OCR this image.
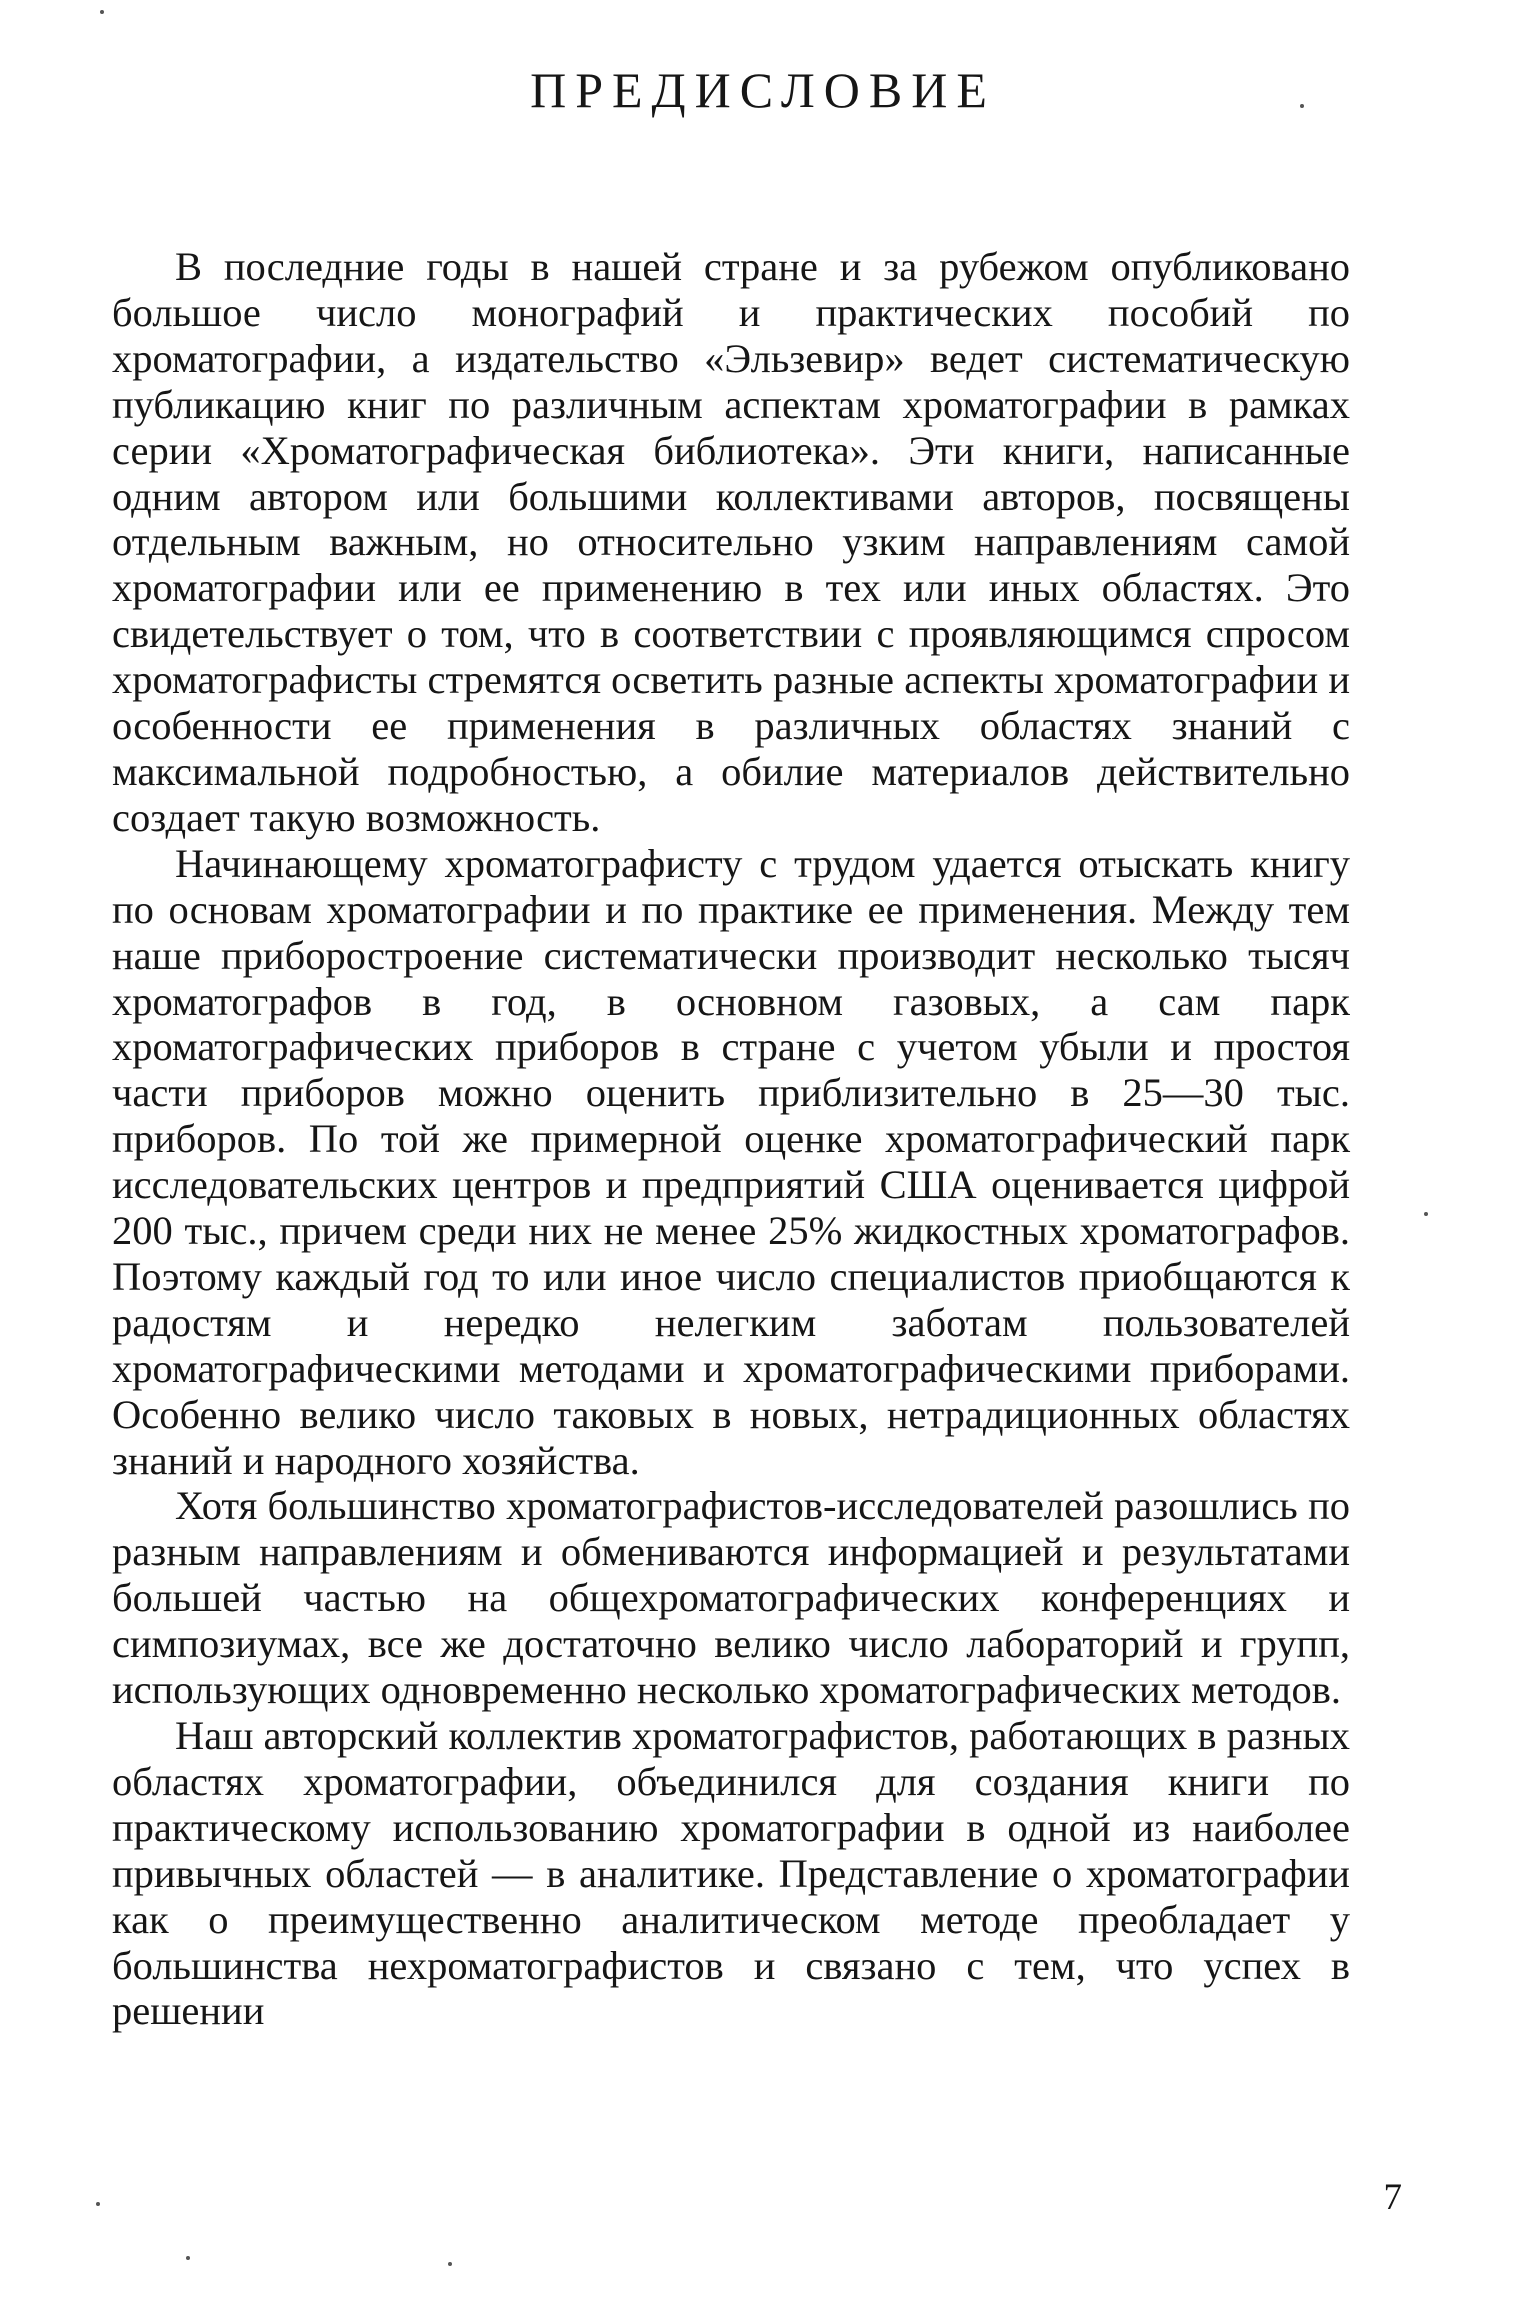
ПРЕДИСЛОВИЕ

В последние годы в нашей стране и за рубежом опубликовано большое число монографий и практических пособий по хроматографии, а издательство «Эльзевир» ведет систематическую публикацию книг по различным аспектам хроматографии в рамках серии «Хроматографическая библиотека». Эти книги, написанные одним автором или большими коллективами авторов, посвящены отдельным важным, но относительно узким направлениям самой хроматографии или ее применению в тех или иных областях. Это свидетельствует о том, что в соответствии с проявляющимся спросом хроматографисты стремятся осветить разные аспекты хроматографии и особенности ее применения в различных областях знаний с максимальной подробностью, а обилие материалов действительно создает такую возможность.

Начинающему хроматографисту с трудом удается отыскать книгу по основам хроматографии и по практике ее применения. Между тем наше приборостроение систематически производит несколько тысяч хроматографов в год, в основном газовых, а сам парк хроматографических приборов в стране с учетом убыли и простоя части приборов можно оценить приблизительно в 25—30 тыс. приборов. По той же примерной оценке хроматографический парк исследовательских центров и предприятий США оценивается цифрой 200 тыс., причем среди них не менее 25% жидкостных хроматографов. Поэтому каждый год то или иное число специалистов приобщаются к радостям и нередко нелегким заботам пользователей хроматографическими методами и хроматографическими приборами. Особенно велико число таковых в новых, нетрадиционных областях знаний и народного хозяйства.

Хотя большинство хроматографистов-исследователей разошлись по разным направлениям и обмениваются информацией и результатами большей частью на общехроматографических конференциях и симпозиумах, все же достаточно велико число лабораторий и групп, использующих одновременно несколько хроматографических методов.

Наш авторский коллектив хроматографистов, работающих в разных областях хроматографии, объединился для создания книги по практическому использованию хроматографии в одной из наиболее привычных областей — в аналитике. Представление о хроматографии как о преимущественно аналитическом методе преобладает у большинства нехроматографистов и связано с тем, что успех в решении

7
